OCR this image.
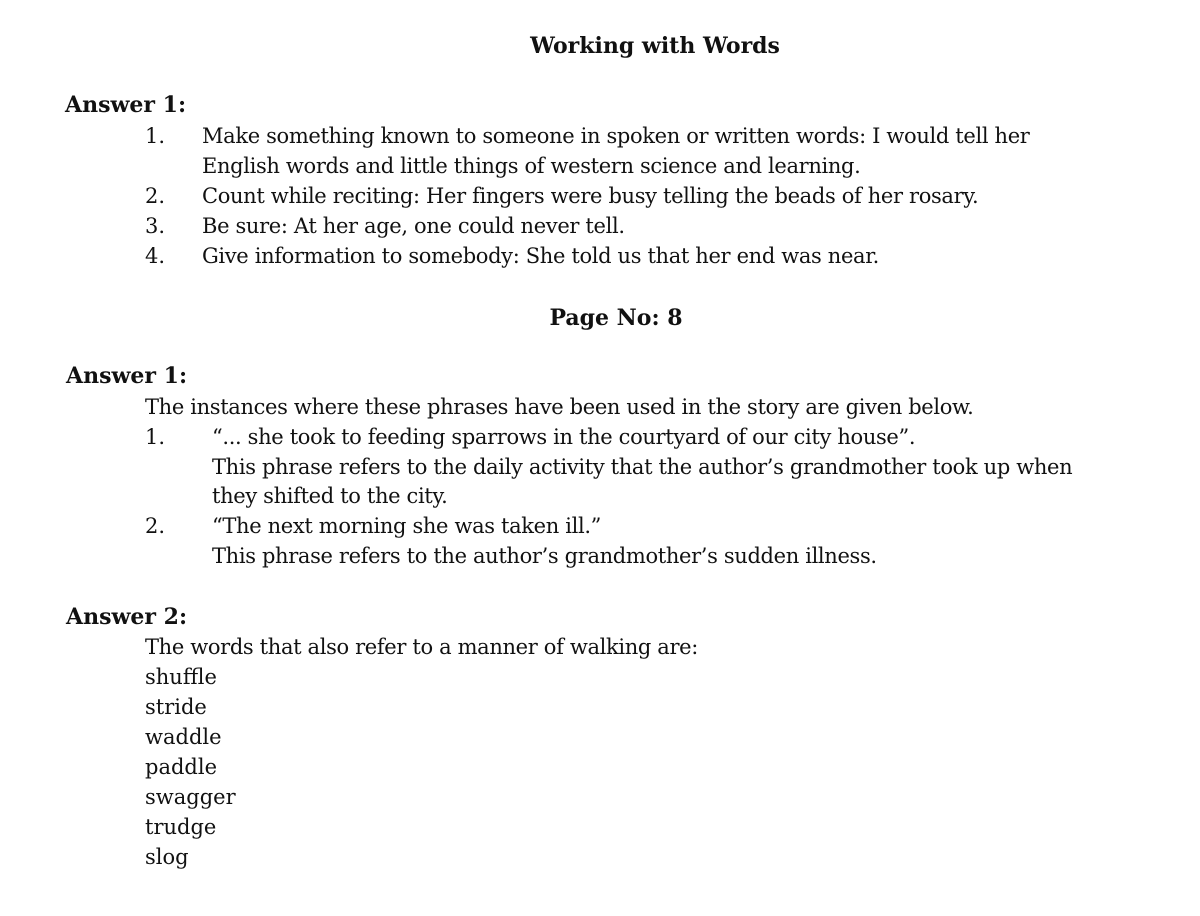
Working with Words
Answer 1:
1. Make something known to someone in spoken or written words: I would tell her
English words and little things of western science and learning.
2. Count while reciting: Her fingers were busy telling the beads of her rosary.
3. Be sure: At her age, one could never tell.
4. Give information to somebody: She told us that her end was near.
Page No: 8
Answer 1:
The instances where these phrases have been used in the story are given below.
1. “... she took to feeding sparrows in the courtyard of our city house”.
This phrase refers to the daily activity that the author’s grandmother took up when
they shifted to the city.
2. “The next morning she was taken ill.”
This phrase refers to the author’s grandmother’s sudden illness.
Answer 2:
The words that also refer to a manner of walking are:
shuffle
stride
waddle
paddle
swagger
trudge
slog
